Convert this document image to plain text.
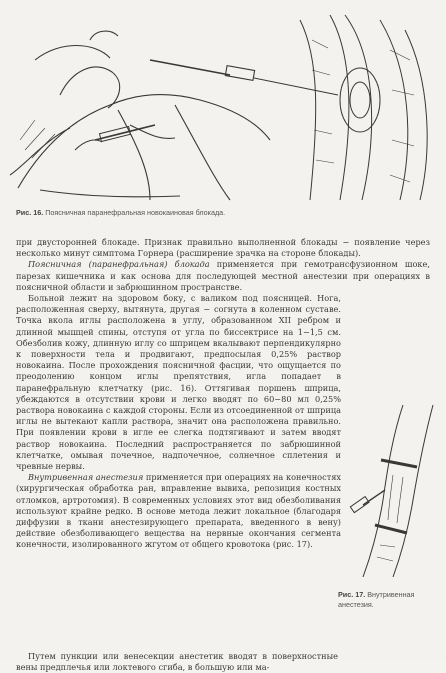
Рис. 16. Поясничная паранефральная новокаиновая блокада.

при двусторонней блокаде. Признак правильно выполненной блокады − появление через несколько минут симптома Горнера (расширение зрачка на стороне блокады).

Поясничная (паранефральная) блокада применяется при гемотрансфузионном шоке, парезах кишечника и как основа для последующей местной анестезии при операциях в поясничной области и забрюшинном пространстве.

Больной лежит на здоровом боку, с валиком под поясницей. Нога, расположенная сверху, вытянута, другая − согнута в коленном суставе. Точка вкола иглы расположена в углу, образованном XII ребром и длинной мышцей спины, отступя от угла по биссектрисе на 1−1,5 см. Обезболив кожу, длинную иглу со шприцем вкалывают перпендикулярно к поверхности тела и продвигают, предпосылая 0,25% раствор новокаина. После прохождения поясничной фасции, что ощущается по преодолению концом иглы препятствия, игла попадает в паранефральную клетчатку (рис. 16). Оттягивая поршень шприца, убеждаются в отсутствии крови и легко вводят по 60−80 мл 0,25% раствора новокаина с каждой стороны. Если из отсоединенной от шприца иглы не вытекают капли раствора, значит она расположена правильно. При появлении крови в игле ее слегка подтягивают и затем вводят раствор новокаина. Последний распространяется по забрюшинной клетчатке, омывая почечное, надпочечное, солнечное сплетения и чревные нервы.

Внутривенная анестезия применяется при операциях на конечностях (хирургическая обработка ран, вправление вывиха, репозиция костных отломков, артротомия). В современных условиях этот вид обезболивания используют крайне редко. В основе метода лежит локальное (благодаря диффузии в ткани анестезирующего препарата, введенного в вену) действие обезболивающего вещества на нервные окончания сегмента конечности, изолированного жгутом от общего кровотока (рис. 17).

Рис. 17. Внутривенная анестезия.

Путем пункции или венесекции анестетик вводят в поверхностные вены предплечья или локтевого сгиба, в большую или ма-
